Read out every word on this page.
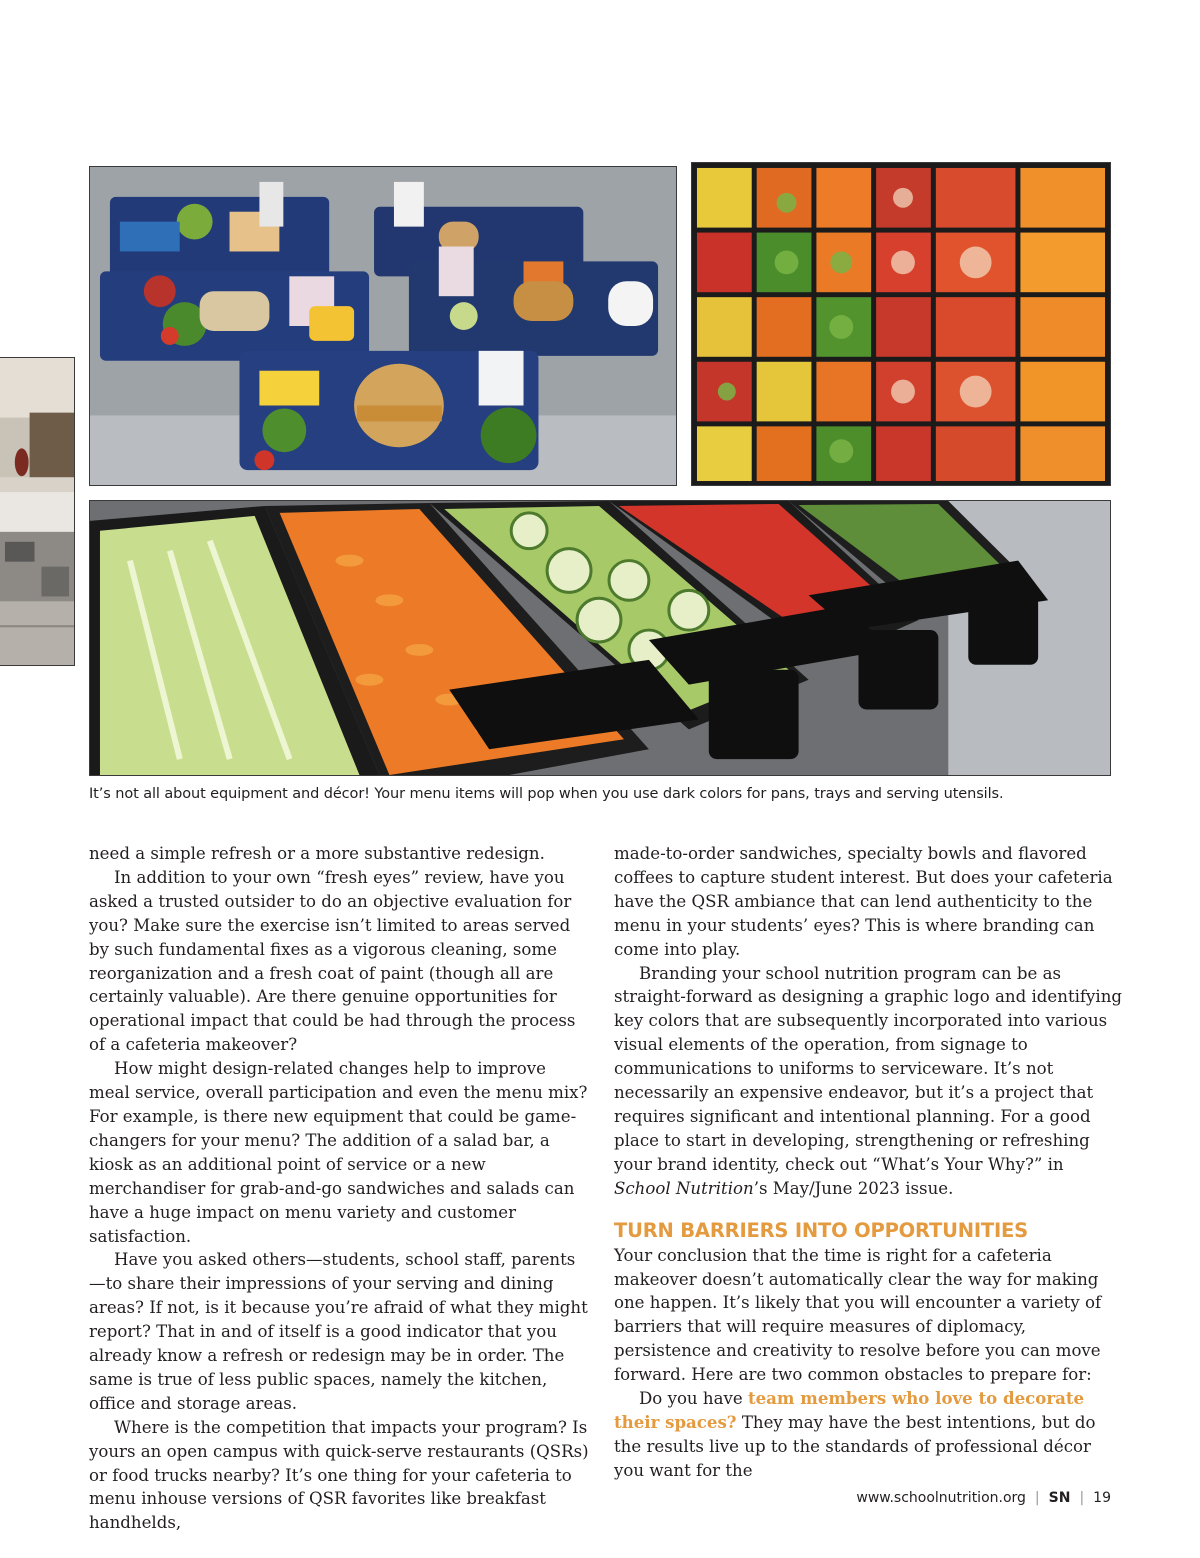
It’s not all about equipment and décor! Your menu items will pop when you use dark colors for pans, trays and serving utensils.

need a simple refresh or a more substantive redesign.

In addition to your own “fresh eyes” review, have you asked a trusted outsider to do an objective evaluation for you? Make sure the exercise isn’t limited to areas served by such fundamental fixes as a vigorous cleaning, some reorganization and a fresh coat of paint (though all are certainly valuable). Are there genuine opportunities for operational impact that could be had through the process of a cafeteria makeover?

How might design-related changes help to improve meal service, overall participation and even the menu mix? For example, is there new equipment that could be game-changers for your menu? The addition of a salad bar, a kiosk as an additional point of service or a new merchandiser for grab-and-go sandwiches and salads can have a huge impact on menu variety and customer satisfaction.

Have you asked others—students, school staff, parents—to share their impressions of your serving and dining areas? If not, is it because you’re afraid of what they might report? That in and of itself is a good indicator that you already know a refresh or redesign may be in order. The same is true of less public spaces, namely the kitchen, office and storage areas.

Where is the competition that impacts your program? Is yours an open campus with quick-serve restaurants (QSRs) or food trucks nearby? It’s one thing for your cafeteria to menu inhouse versions of QSR favorites like breakfast handhelds,

made-to-order sandwiches, specialty bowls and flavored coffees to capture student interest. But does your cafeteria have the QSR ambiance that can lend authenticity to the menu in your students’ eyes? This is where branding can come into play.

Branding your school nutrition program can be as straight-forward as designing a graphic logo and identifying key colors that are subsequently incorporated into various visual elements of the operation, from signage to communications to uniforms to serviceware. It’s not necessarily an expensive endeavor, but it’s a project that requires significant and intentional planning. For a good place to start in developing, strengthening or refreshing your brand identity, check out “What’s Your Why?” in School Nutrition’s May/June 2023 issue.

TURN BARRIERS INTO OPPORTUNITIES

Your conclusion that the time is right for a cafeteria makeover doesn’t automatically clear the way for making one happen. It’s likely that you will encounter a variety of barriers that will require measures of diplomacy, persistence and creativity to resolve before you can move forward. Here are two common obstacles to prepare for:

Do you have team members who love to decorate their spaces? They may have the best intentions, but do the results live up to the standards of professional décor you want for the

www.schoolnutrition.org | SN | 19
